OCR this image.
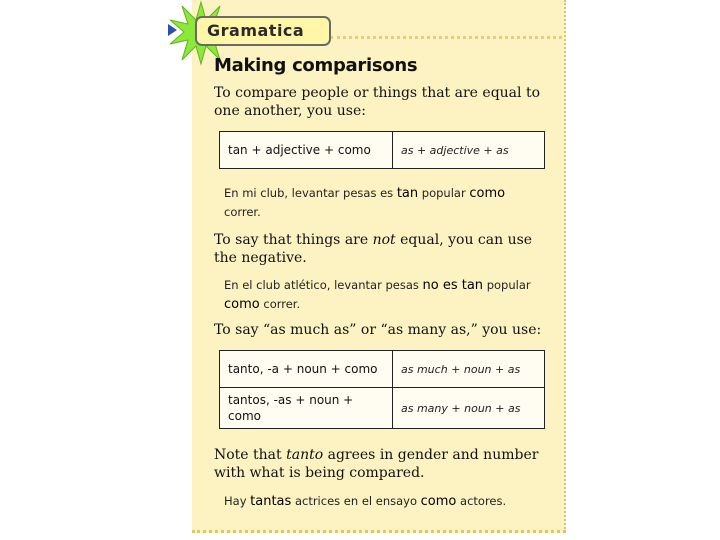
Gramatica
Making comparisons
To compare people or things that are equal to one another, you use:
tan + adjective + como	as + adjective + as
En mi club, levantar pesas es tan popular como correr.
To say that things are not equal, you can use the negative.
En el club atlético, levantar pesas no es tan popular como correr.
To say “as much as” or “as many as,” you use:
tanto, -a + noun + como	as much + noun + as
tantos, -as + noun + como	as many + noun + as
Note that tanto agrees in gender and number with what is being compared.
Hay tantas actrices en el ensayo como actores.
